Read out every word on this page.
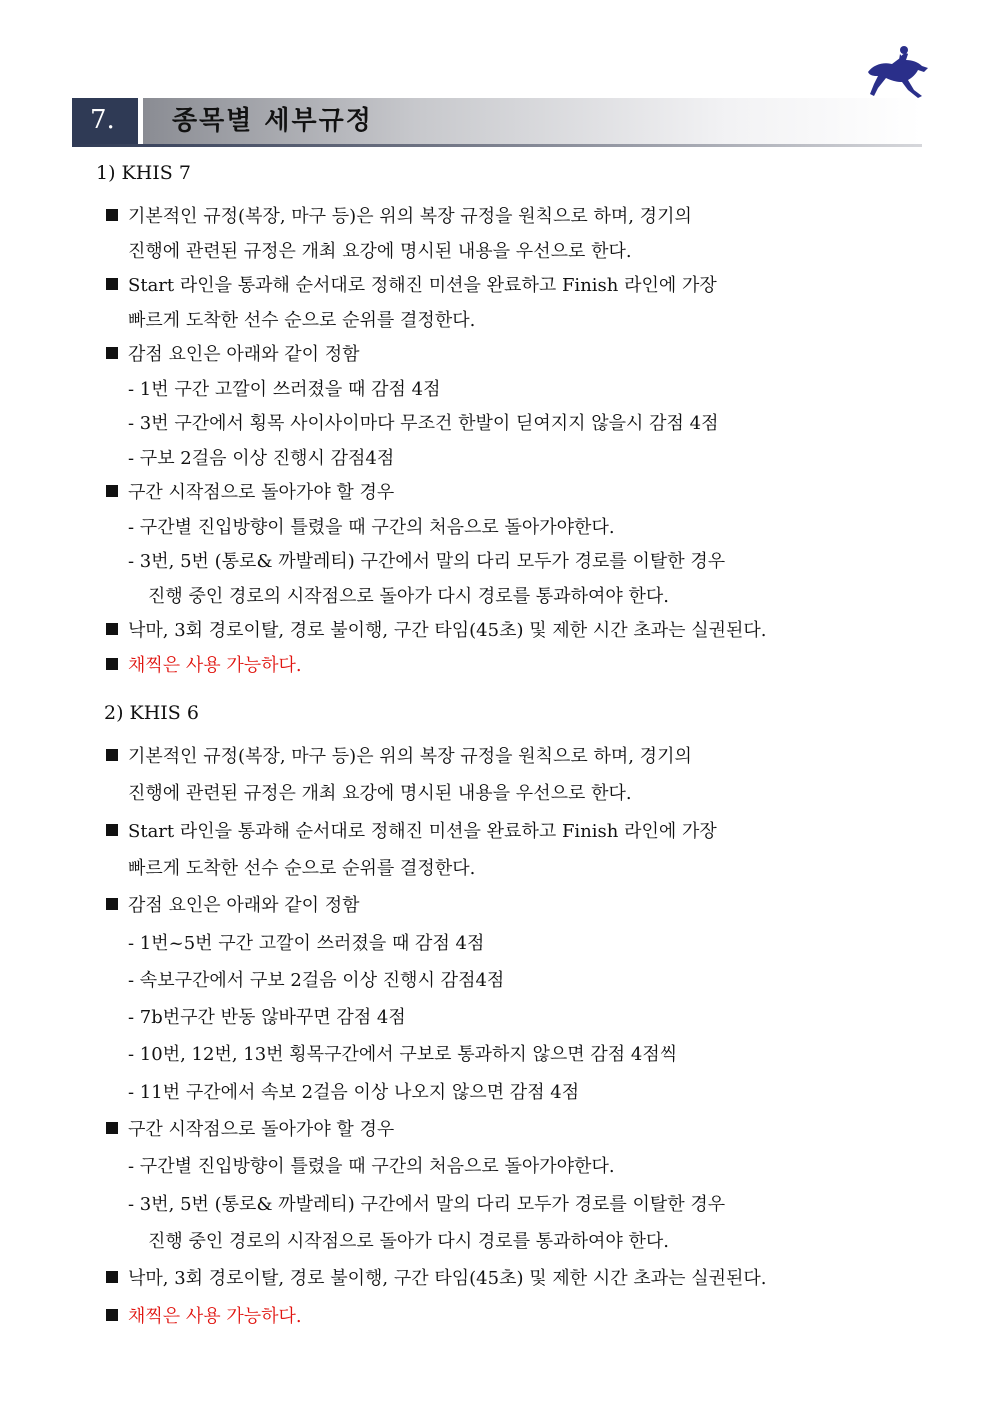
7.	종목별 세부규정
1) KHIS 7
기본적인 규정(복장, 마구 등)은 위의 복장 규정을 원칙으로 하며, 경기의
진행에 관련된 규정은 개최 요강에 명시된 내용을 우선으로 한다.
Start 라인을 통과해 순서대로 정해진 미션을 완료하고 Finish 라인에 가장
빠르게 도착한 선수 순으로 순위를 결정한다.
감점 요인은 아래와 같이 정함
- 1번 구간 고깔이 쓰러졌을 때 감점 4점
- 3번 구간에서 횡목 사이사이마다 무조건 한발이 딛여지지 않을시 감점 4점
- 구보 2걸음 이상 진행시 감점4점
구간 시작점으로 돌아가야 할 경우
- 구간별 진입방향이 틀렸을 때 구간의 처음으로 돌아가야한다.
- 3번, 5번 (통로& 까발레티) 구간에서 말의 다리 모두가 경로를 이탈한 경우
진행 중인 경로의 시작점으로 돌아가 다시 경로를 통과하여야 한다.
낙마, 3회 경로이탈, 경로 불이행, 구간 타임(45초) 및 제한 시간 초과는 실권된다.
채찍은 사용 가능하다.
2) KHIS 6
기본적인 규정(복장, 마구 등)은 위의 복장 규정을 원칙으로 하며, 경기의
진행에 관련된 규정은 개최 요강에 명시된 내용을 우선으로 한다.
Start 라인을 통과해 순서대로 정해진 미션을 완료하고 Finish 라인에 가장
빠르게 도착한 선수 순으로 순위를 결정한다.
감점 요인은 아래와 같이 정함
- 1번~5번 구간 고깔이 쓰러졌을 때 감점 4점
- 속보구간에서 구보 2걸음 이상 진행시 감점4점
- 7b번구간 반동 않바꾸면 감점 4점
- 10번, 12번, 13번 횡목구간에서 구보로 통과하지 않으면 감점 4점씩
- 11번 구간에서 속보 2걸음 이상 나오지 않으면 감점 4점
구간 시작점으로 돌아가야 할 경우
- 구간별 진입방향이 틀렸을 때 구간의 처음으로 돌아가야한다.
- 3번, 5번 (통로& 까발레티) 구간에서 말의 다리 모두가 경로를 이탈한 경우
진행 중인 경로의 시작점으로 돌아가 다시 경로를 통과하여야 한다.
낙마, 3회 경로이탈, 경로 불이행, 구간 타임(45초) 및 제한 시간 초과는 실권된다.
채찍은 사용 가능하다.
